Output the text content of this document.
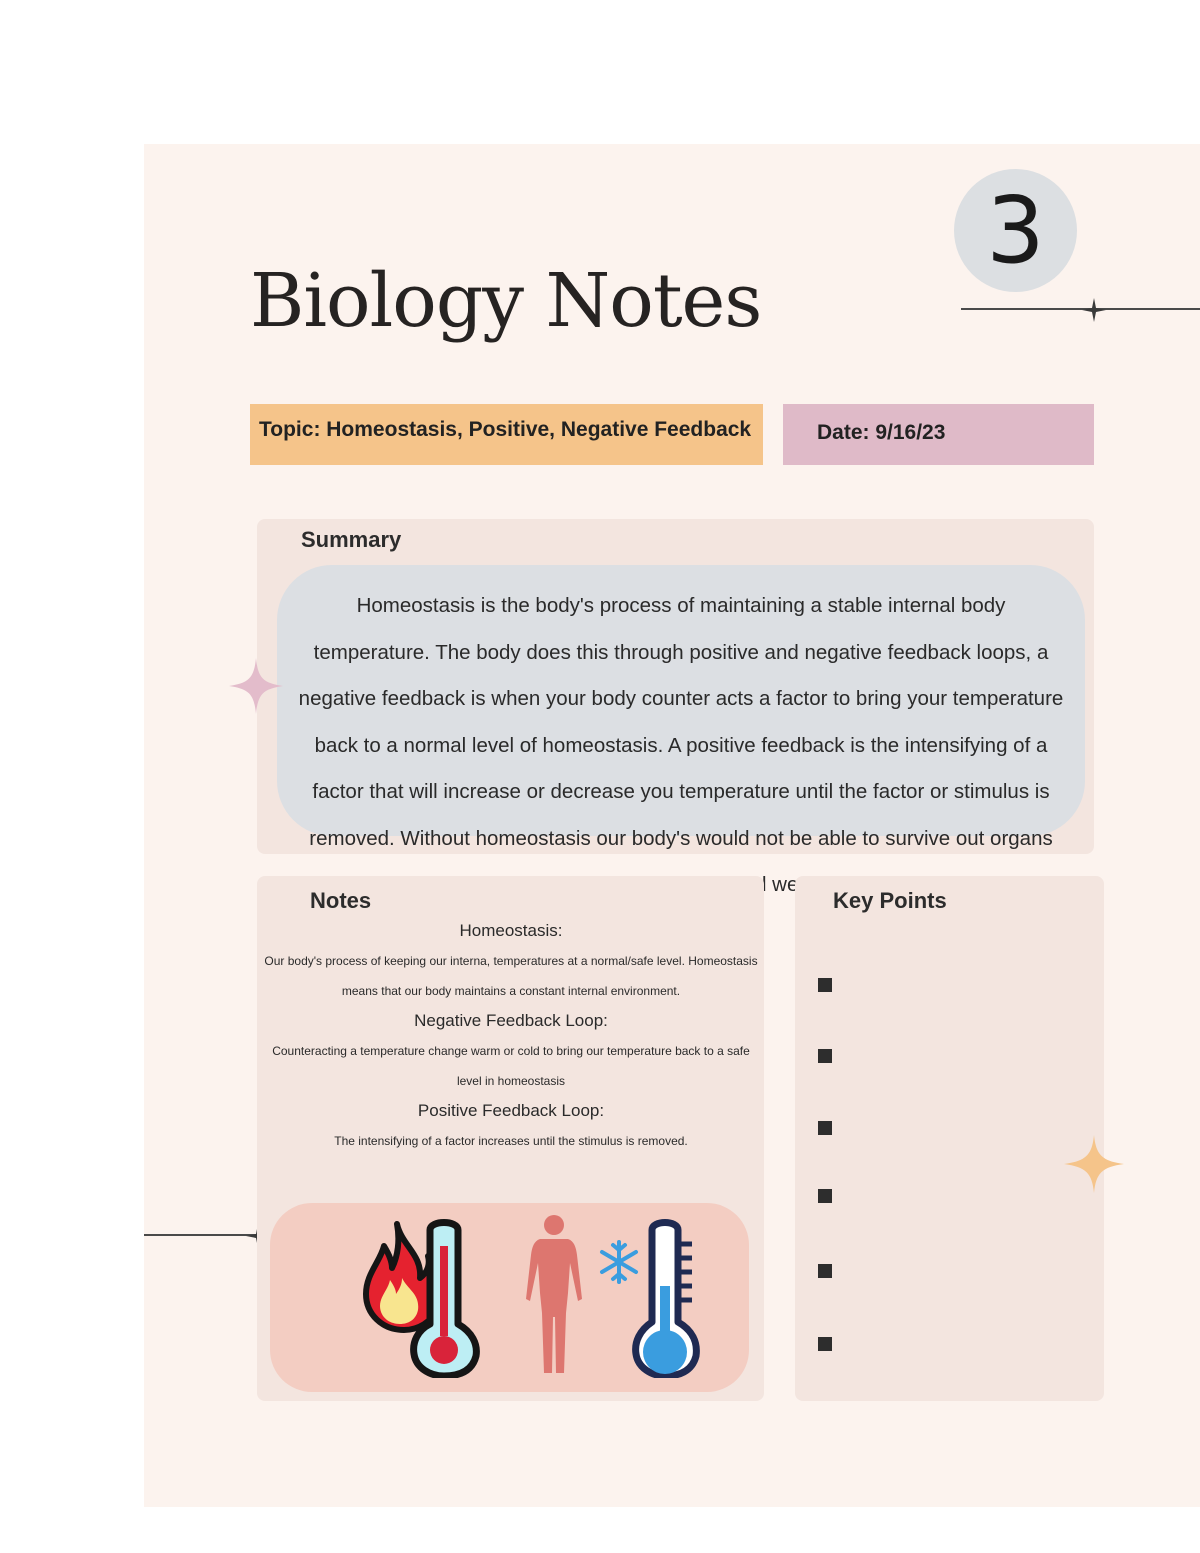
3
Biology Notes
Topic: Homeostasis, Positive, Negative Feedback	Date: 9/16/23
Summary
Homeostasis is the body's process of maintaining a stable internal body temperature. The body does this through positive and negative feedback loops, a negative feedback is when your body counter acts a factor to bring your temperature back to a normal level of homeostasis. A positive feedback is the intensifying of a factor that will increase or decrease you temperature until the factor or stimulus is removed. Without homeostasis our body's would not be able to survive out organs we
Notes
Homeostasis:
Our body's process of keeping our interna, temperatures at a normal/safe level. Homeostasis means that our body maintains a constant internal environment.
Negative Feedback Loop:
Counteracting a temperature change warm or cold to bring our temperature back to a safe level in homeostasis
Positive Feedback Loop:
The intensifying of a factor increases until the stimulus is removed.
Key Points
